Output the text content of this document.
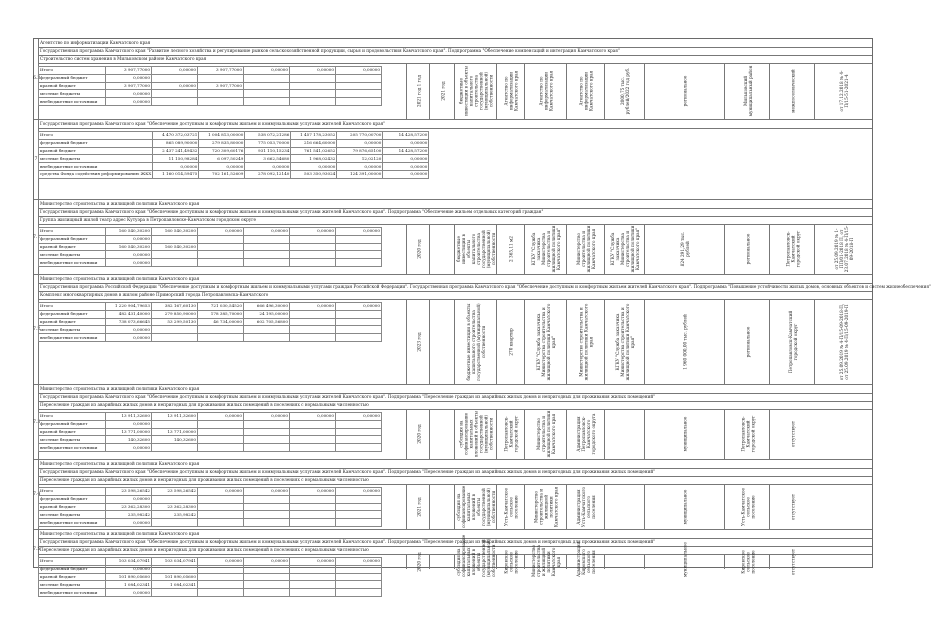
6.3
Агентство по информатизации Камчатского края
Государственная программа Камчатского края "Развитие лесного хозяйства и регулирование рынков сельскохозяйственной продукции, сырья и продовольствия Камчатского края". Подпрограмма "Обеспечение компенсаций и интеграция Камчатского края"
Строительство систем хранения в Мильковском районе Камчатского края
Итого	3 907,77000	0,00000	3 907,77000	0,00000	0,00000	0,00000
федеральный бюджет	0,00000					
краевой бюджет	3 907,77000	0,00000	3 907,77000			
местные бюджеты	0,00000					
внебюджетные источники	0,00000						2021 год 1 год	2021 год	бюджетные инвестиции в объекты капитального строительства государственной (муниципальной) собственности Агентство по информатизации Камчатского края	Агентство по информатизации Камчатского края	Агентство по информатизации Камчатского края	2000,75 тыс. рублей/2022 год руб.	региональное	Мильковский муниципальный район	межпоселенческий	от 17.12.2018 № 4-П/15-51-2021-4
7
Государственная программа Камчатского края "Обеспечение доступным и комфортным жильем и коммунальными услугами жителей Камчатского края"
Итого	4 470 372,03721	1 004 813,00000	538 072,21286	1 457 178,23052	205 770,00700	14 428,57200
федеральный бюджет	865 089,90000	279 835,80000	775 053,70000	216 664,60000	0,00000	0,00000
краевой бюджет	2 437 241,49432	720 309,60176	931 110,15234	761 541,02652	79 876,65100	14 428,57200
местные бюджеты	11 150,98284	6 097,50249	3 662,54680	1 968,02432	12,02120	0,00000
внебюджетные источники	0,00000	0,00000	0,00000	0,00000	0,00000	0,00000
средства Фонда содействия реформированию ЖКХ	1 160 014,59475	702 161,52609	278 092,12140	503 350,93024	124 391,00000	0,00000
7.1
Министерство строительства и жилищной политики Камчатского края
Государственная программа Камчатского края "Обеспечение доступным и комфортным жильем и коммунальными услугами жителей Камчатского края". Подпрограмма "Обеспечение жильем отдельных категорий граждан"
Группа жилищный жилой театр адрес Кутуэра в Петропавловске-Камчатском городском округе
Итого	160 540,30200	160 540,30200	0,00000	0,00000	0,00000	0,00000
федеральный бюджет	0,00000					
краевой бюджет	160 540,30200	160 540,30200				
местные бюджеты	0,00000					
внебюджетные источники	0,00000					
2020 год	бюджетные инвестиции в объекты капитального строительства государственной (муниципальной) собственности	2 365,11 м2	КГКУ "Служба заказчика Министерства строительства и жилищной политики Камчатского края"	Министерство строительства и жилищной политики Камчатского края	КГКУ "Служба заказчика Министерства строительства и жилищной политики Камчатского края"	824 291,29 тыс. рублей	региональное	Петропавловск-Камчатский городской округ	от 25.09.2019 № 1-ПП/01-2018 П, от 23.07.2018 № 4-П/15-09-2018-П
7.2
Министерство строительства и жилищной политики Камчатского края
Государственная программа Российской Федерации "Обеспечение доступным и комфортным жильем и коммунальными услугами граждан Российской Федерации". Государственная программа Камчатского края "Обеспечение доступным и комфортным жильем жителей Камчатского края". Подпрограмма "Повышение устойчивости жилых домов, основных объектов и систем жизнеобеспечения"
Комплекс многоквартирных домов в жилом районе Приморский города Петропавловска-Камчатского
Итого	1 220 904,79653	382 167,60130	721 030,54520	666 496,30000	0,00000	0,00000
федеральный бюджет	482 431,40000	279 850,90000	178 385,70000	24 195,00000		
краевой бюджет	738 073,66645	53 299,50130	46 734,00000	602 705,56800		
местные бюджеты	0,00000					
внебюджетные источники	0,00000						2023 год	бюджетные инвестиции в объекты капитального строительства государственной (муниципальной) собственности	270 квартир	КГКУ "Служба заказчика Министерства строительства и жилищной политики Камчатского края"	Министерство строительства и жилищной политики Камчатского края	КГКУ "Служба заказчика Министерства строительства и жилищной политики Камчатского края"	1 960 000,00 тыс. рублей	региональное	Петропавловск-Камчатский городской округ	от 25.09.2019 № 4-П/15-09-2018-П, от 25.09.2019 № 4-П/15-09-2019-П
7.3
Министерство строительства и жилищной политики Камчатского края
Государственная программа Камчатского края "Обеспечение доступным и комфортным жильем и коммунальными услугами жителей Камчатского края". Подпрограмма "Переселение граждан из аварийных жилых домов и непригодных для проживания жилых помещений"
Переселение граждан из аварийных жилых домов и непригодных для проживания жилых помещений в поселениях с нормальными численностью
Итого	13 911,32600	13 911,32600	0,00000	0,00000	0,00000	0,00000
федеральный бюджет	0,00000					
краевой бюджет	13 771,00000	13 771,00000				
местные бюджеты	140,32600	140,32600				
внебюджетные источники	0,00000					
2020 год	субсидия на софинансирование капитальных вложений в объекты государственной (муниципальной) собственности Петропавловск-Камчатский городской округ	Министерство строительства и жилищной политики Камчатского края	Администрация Петропавловск-Камчатского городского округа	муниципальное	Петропавловск-Камчатский городской округ	отсутствует
7.4
Министерство строительства и жилищной политики Камчатского края
Государственная программа Камчатского края "Обеспечение доступным и комфортным жильем и коммунальными услугами жителей Камчатского края". Подпрограмма "Переселение граждан из аварийных жилых домов и непригодных для проживания жилых помещений"
Переселение граждан из аварийных жилых домов и непригодных для проживания жилых помещений в поселениях с нормальными численностью
Итого	23 598,26542	23 598,26542	0,00000	0,00000	0,00000	0,00000
федеральный бюджет	0,00000					
краевой бюджет	23 362,28300	23 362,28300				
местные бюджеты	235,98242	235,98242				
внебюджетные источники	0,00000					
2021 год	субсидия на софинансирование капитальных вложений в объекты государственной (муниципальной) собственности Усть-Камчатское сельское поселение	Министерство строительства и жилищной политики Камчатского края	Администрация Усть-Камчатского сельского поселения	муниципальное	Усть-Камчатское сельское поселение	отсутствует
7.5
Министерство строительства и жилищной политики Камчатского края
Государственная программа Камчатского края "Обеспечение доступным и комфортным жильем и коммунальными услугами жителей Камчатского края". Подпрограмма "Переселение граждан из аварийных жилых домов и непригодных для проживания жилых помещений"
Переселение граждан из аварийных жилых домов и непригодных для проживания жилых помещений в поселениях с нормальными численностью
Итого	103 034,07941	103 034,07941	0,00000	0,00000	0,00000	0,00000
федеральный бюджет	0,00000					
краевой бюджет	101 890,05600	101 890,05600				
местные бюджеты	1 084,02341	1 084,02341				
внебюджетные источники	0,00000					
2020 год	субсидия на софинансирование капитальных вложений в объекты государственной (муниципальной) собственности Кировское сельское поселение	Министерство строительства и жилищной политики Камчатского края	Администрация Кировского сельского поселения	муниципальное	Кировское сельское поселение	отсутствует
